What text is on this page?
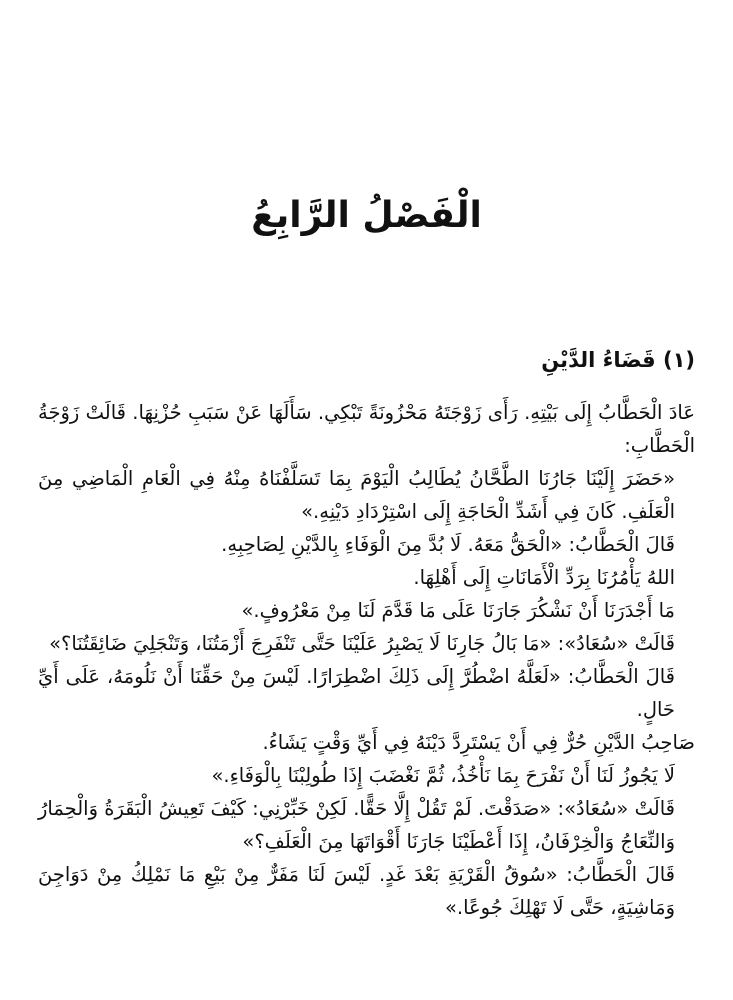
الْفَصْلُ الرَّابِعُ
(١) قَضَاءُ الدَّيْنِ

عَادَ الْحَطَّابُ إِلَى بَيْتِهِ. رَأَى زَوْجَتَهُ مَحْزُونَةً تَبْكِي. سَأَلَهَا عَنْ سَبَبِ حُزْنِهَا. قَالَتْ زَوْجَةُ الْحَطَّابِ:

«حَضَرَ إِلَيْنَا جَارُنَا الطَّحَّانُ يُطَالِبُ الْيَوْمَ بِمَا تَسَلَّفْنَاهُ مِنْهُ فِي الْعَامِ الْمَاضِي مِنَ الْعَلَفِ. كَانَ فِي أَشَدِّ الْحَاجَةِ إِلَى اسْتِرْدَادِ دَيْنِهِ.»

قَالَ الْحَطَّابُ: «الْحَقُّ مَعَهُ. لَا بُدَّ مِنَ الْوَفَاءِ بِالدَّيْنِ لِصَاحِبِهِ.

اللهُ يَأْمُرُنَا بِرَدِّ الْأَمَانَاتِ إِلَى أَهْلِهَا.

مَا أَجْدَرَنَا أَنْ نَشْكُرَ جَارَنَا عَلَى مَا قَدَّمَ لَنَا مِنْ مَعْرُوفٍ.»

قَالَتْ «سُعَادُ»: «مَا بَالُ جَارِنَا لَا يَصْبِرُ عَلَيْنَا حَتَّى تَنْفَرِجَ أَزْمَتُنَا، وَتَنْجَلِيَ ضَائِقَتُنَا؟»

قَالَ الْحَطَّابُ: «لَعَلَّهُ اضْطُرَّ إِلَى ذَلِكَ اضْطِرَارًا. لَيْسَ مِنْ حَقِّنَا أَنْ نَلُومَهُ، عَلَى أَيِّ حَالٍ.

صَاحِبُ الدَّيْنِ حُرٌّ فِي أَنْ يَسْتَرِدَّ دَيْنَهُ فِي أَيِّ وَقْتٍ يَشَاءُ.

لَا يَجُوزُ لَنَا أَنْ نَفْرَحَ بِمَا نَأْخُذُ، ثُمَّ نَغْضَبَ إِذَا طُولِبْنَا بِالْوَفَاءِ.»

قَالَتْ «سُعَادُ»: «صَدَقْتَ. لَمْ تَقُلْ إِلَّا حَقًّا. لَكِنْ خَبِّرْنِي: كَيْفَ تَعِيشُ الْبَقَرَةُ وَالْحِمَارُ وَالنِّعَاجُ وَالْخِرْفَانُ، إِذَا أَعْطَيْنَا جَارَنَا أَقْوَاتَهَا مِنَ الْعَلَفِ؟»

قَالَ الْحَطَّابُ: «سُوقُ الْقَرْيَةِ بَعْدَ غَدٍ. لَيْسَ لَنَا مَفَرٌّ مِنْ بَيْعِ مَا نَمْلِكُ مِنْ دَوَاجِنَ وَمَاشِيَةٍ، حَتَّى لَا تَهْلِكَ جُوعًا.»
